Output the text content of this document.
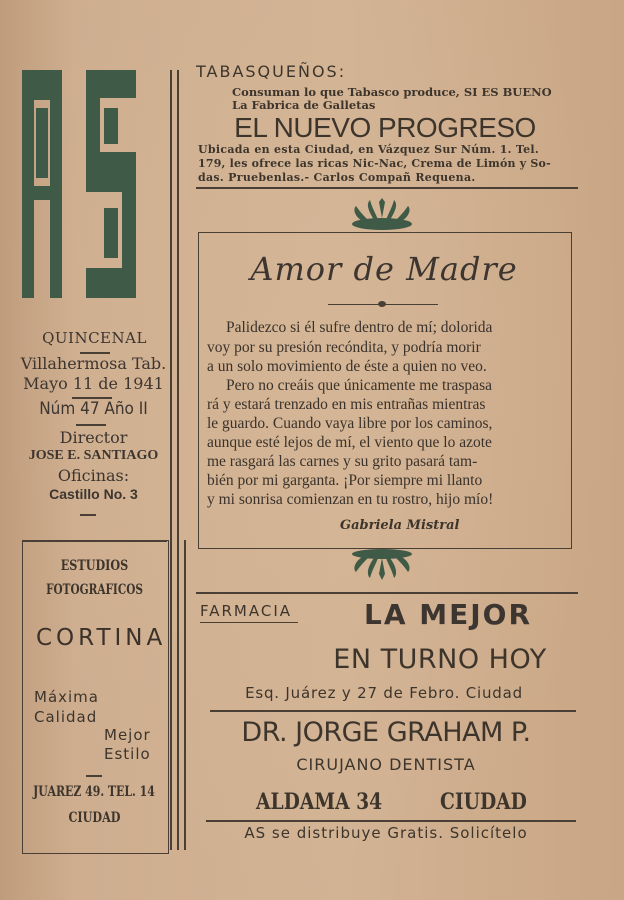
QUINCENAL
Villahermosa Tab.
Mayo 11 de 1941
Núm 47 Año II
Director
JOSE E. SANTIAGO
Oficinas:
Castillo No. 3
ESTUDIOS
FOTOGRAFICOS
CORTINA
Máxima
Calidad
Mejor
Estilo
JUAREZ 49. TEL. 14
CIUDAD
TABASQUEÑOS:
Consuman lo que Tabasco produce, SI ES BUENO
La Fabrica de Galletas
EL NUEVO PROGRESO
Ubicada en esta Ciudad, en Vázquez Sur Núm. 1. Tel.
179, les ofrece las ricas Nic-Nac, Crema de Limón y So-
das. Pruebenlas.- Carlos Compañ Requena.
Amor de Madre
Palidezco si él sufre dentro de mí; dolorida
voy por su presión recóndita, y podría morir
a un solo movimiento de éste a quien no veo.
Pero no creáis que únicamente me traspasa
rá y estará trenzado en mis entrañas mientras
le guardo. Cuando vaya libre por los caminos,
aunque esté lejos de mí, el viento que lo azote
me rasgará las carnes y su grito pasará tam-
bién por mi garganta. ¡Por siempre mi llanto
y mi sonrisa comienzan en tu rostro, hijo mío!
Gabriela Mistral
FARMACIA	LA MEJOR
EN TURNO HOY
Esq. Juárez y 27 de Febro. Ciudad
DR. JORGE GRAHAM P.
CIRUJANO DENTISTA
ALDAMA 34	CIUDAD
AS se distribuye Gratis. Solicítelo
